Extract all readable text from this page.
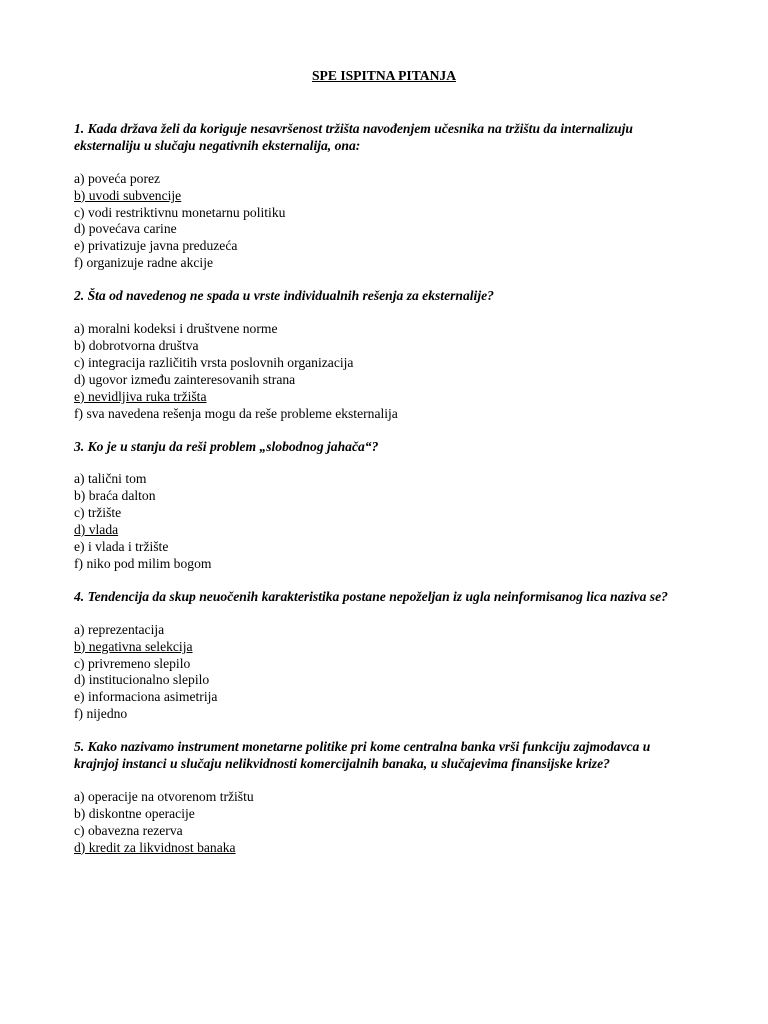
SPE ISPITNA PITANJA
1. Kada država želi da koriguje nesavršenost tržišta navođenjem učesnika na tržištu da internalizuju eksternaliju u slučaju negativnih eksternalija, ona:
a) poveća porez
b) uvodi subvencije
c) vodi restriktivnu monetarnu politiku
d) povećava carine
e) privatizuje javna preduzeća
f) organizuje radne akcije
2. Šta od navedenog ne spada u vrste individualnih rešenja za eksternalije?
a) moralni kodeksi i društvene norme
b) dobrotvorna društva
c) integracija različitih vrsta poslovnih organizacija
d) ugovor između zainteresovanih strana
e) nevidljiva ruka tržišta
f) sva navedena rešenja mogu da reše probleme eksternalija
3. Ko je u stanju da reši problem „slobodnog jahača“?
a) talični tom
b) braća dalton
c) tržište
d) vlada
e) i vlada i tržište
f) niko pod milim bogom
4. Tendencija da skup neuočenih karakteristika postane nepoželjan iz ugla neinformisanog lica naziva se?
a) reprezentacija
b) negativna selekcija
c) privremeno slepilo
d) institucionalno slepilo
e) informaciona asimetrija
f) nijedno
5. Kako nazivamo instrument monetarne politike pri kome centralna banka vrši funkciju zajmodavca u krajnjoj instanci u slučaju nelikvidnosti komercijalnih banaka, u slučajevima finansijske krize?
a) operacije na otvorenom tržištu
b) diskontne operacije
c) obavezna rezerva
d) kredit za likvidnost banaka
